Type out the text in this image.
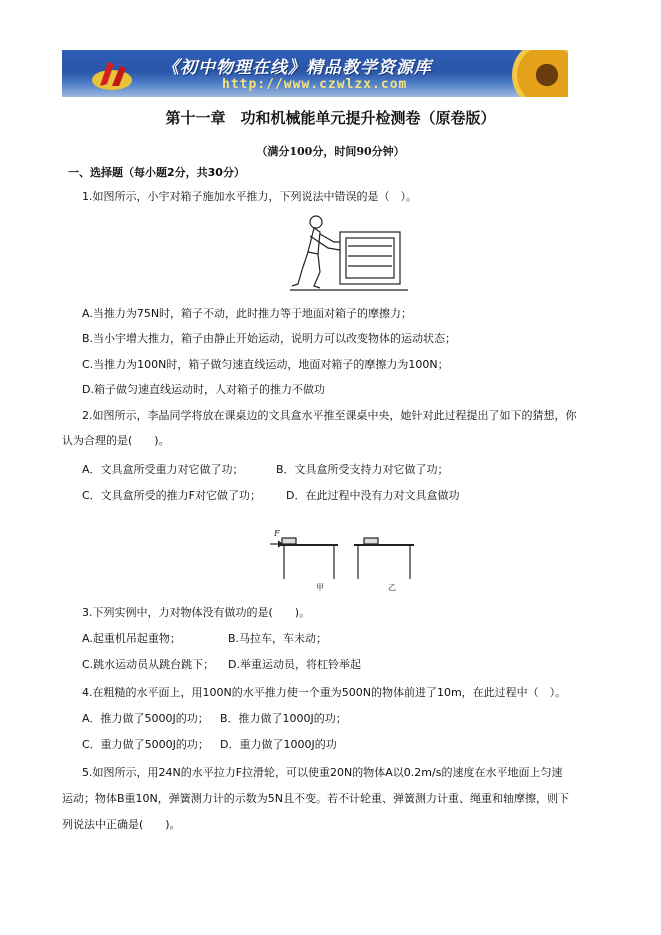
《初中物理在线》精品教学资源库
http://www.czwlzx.com
第十一章　功和机械能单元提升检测卷（原卷版）
（满分100分，时间90分钟）
一、选择题（每小题2分，共30分）
1.如图所示，小宇对箱子施加水平推力，下列说法中错误的是（　）。
A.当推力为75N时，箱子不动，此时推力等于地面对箱子的摩擦力；
B.当小宇增大推力，箱子由静止开始运动，说明力可以改变物体的运动状态；
C.当推力为100N时，箱子做匀速直线运动，地面对箱子的摩擦力为100N；
D.箱子做匀速直线运动时，人对箱子的推力不做功
2.如图所示，李晶同学将放在课桌边的文具盒水平推至课桌中央，她针对此过程提出了如下的猜想，你
认为合理的是(　　)。
A．文具盒所受重力对它做了功；	B．文具盒所受支持力对它做了功；
C．文具盒所受的推力F对它做了功； D．在此过程中没有力对文具盒做功
F
甲	乙
3.下列实例中，力对物体没有做功的是(　　)。
A.起重机吊起重物；	B.马拉车，车未动；
C.跳水运动员从跳台跳下； D.举重运动员，将杠铃举起
4.在粗糙的水平面上，用100N的水平推力使一个重为500N的物体前进了10m，在此过程中（　）。
A．推力做了5000J的功； B．推力做了1000J的功；
C．重力做了5000J的功； D．重力做了1000J的功
5.如图所示，用24N的水平拉力F拉滑轮，可以使重20N的物体A以0.2m/s的速度在水平地面上匀速
运动；物体B重10N，弹簧测力计的示数为5N且不变。若不计轮重、弹簧测力计重、绳重和轴摩擦，则下
列说法中正确是(　　)。
